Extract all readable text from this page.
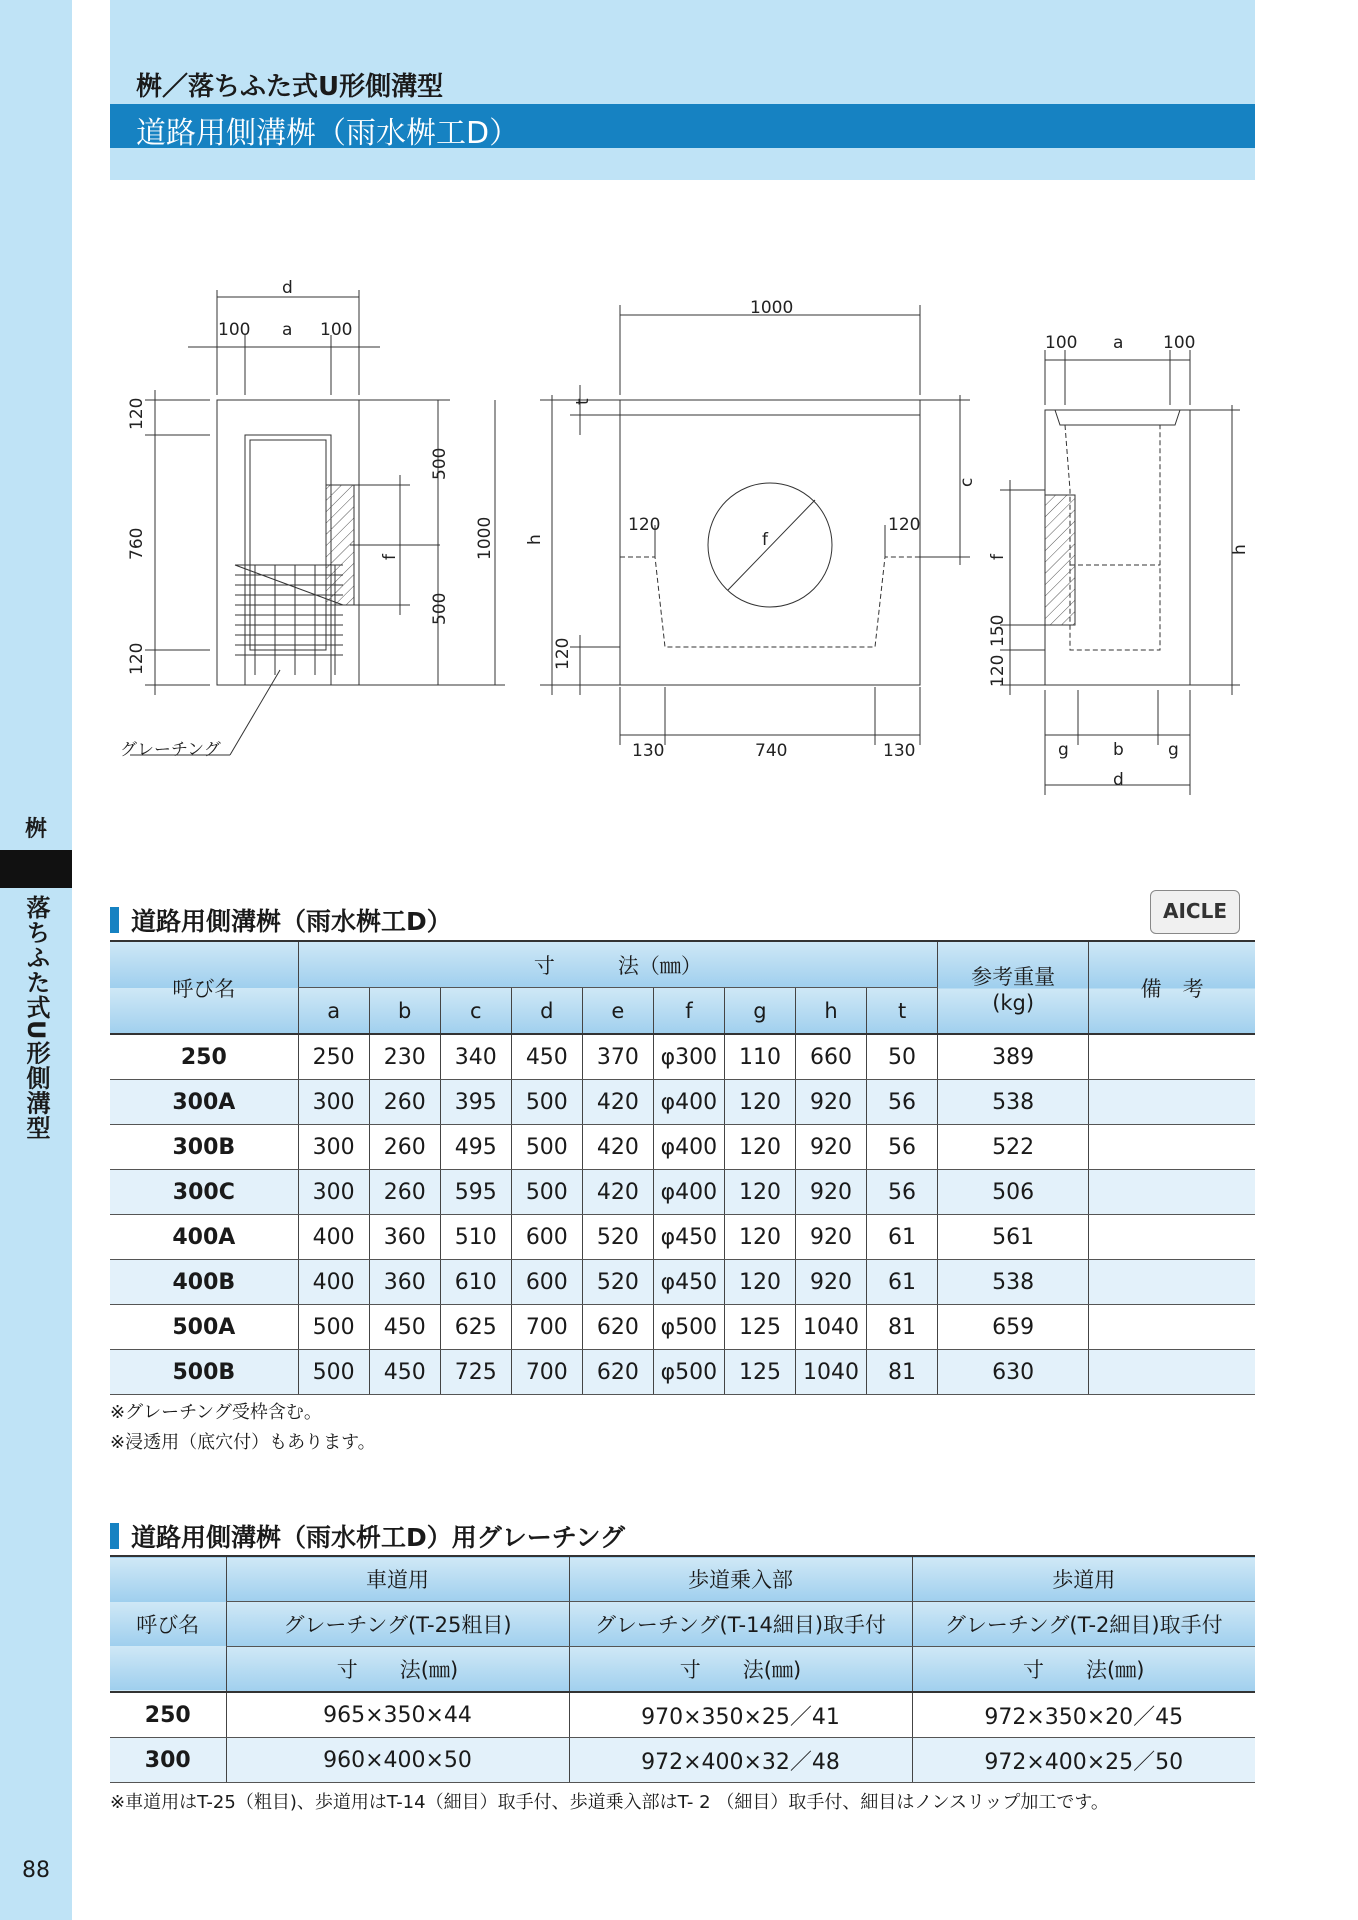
桝
落ちふた式U形側溝型
88
桝／落ちふた式U形側溝型
道路用側溝桝（雨水桝工D）
d
100 a 100
グレーチング
120
760
120
f
500
500
1000
1000
t
h
120
c
f
120	120
130	740	130
100 a 100
f
150
120
h
g	b	g
d
道路用側溝桝（雨水桝工D）	AICLE
呼び名	寸　　　法（㎜）									参考重量
(kg)	備　考
	a	b	c	d	e	f	g	h	t		
250	250	230	340	450	370	φ300	110	660	50	389	
300A	300	260	395	500	420	φ400	120	920	56	538	
300B	300	260	495	500	420	φ400	120	920	56	522	
300C	300	260	595	500	420	φ400	120	920	56	506	
400A	400	360	510	600	520	φ450	120	920	61	561	
400B	400	360	610	600	520	φ450	120	920	61	538	
500A	500	450	625	700	620	φ500	125	1040	81	659	
500B	500	450	725	700	620	φ500	125	1040	81	630	
※グレーチング受枠含む。
※浸透用（底穴付）もあります。
道路用側溝桝（雨水枡工D）用グレーチング
呼び名	車道用	歩道乗入部	歩道用
	グレーチング(T-25粗目)	グレーチング(T-14細目)取手付	グレーチング(T-2細目)取手付
	寸　　法(㎜)	寸　　法(㎜)	寸　　法(㎜)
250	965×350×44	970×350×25／41	972×350×20／45
300	960×400×50	972×400×32／48	972×400×25／50
※車道用はT-25（粗目)、歩道用はT-14（細目）取手付、歩道乗入部はT- 2 （細目）取手付、細目はノンスリップ加工です。
